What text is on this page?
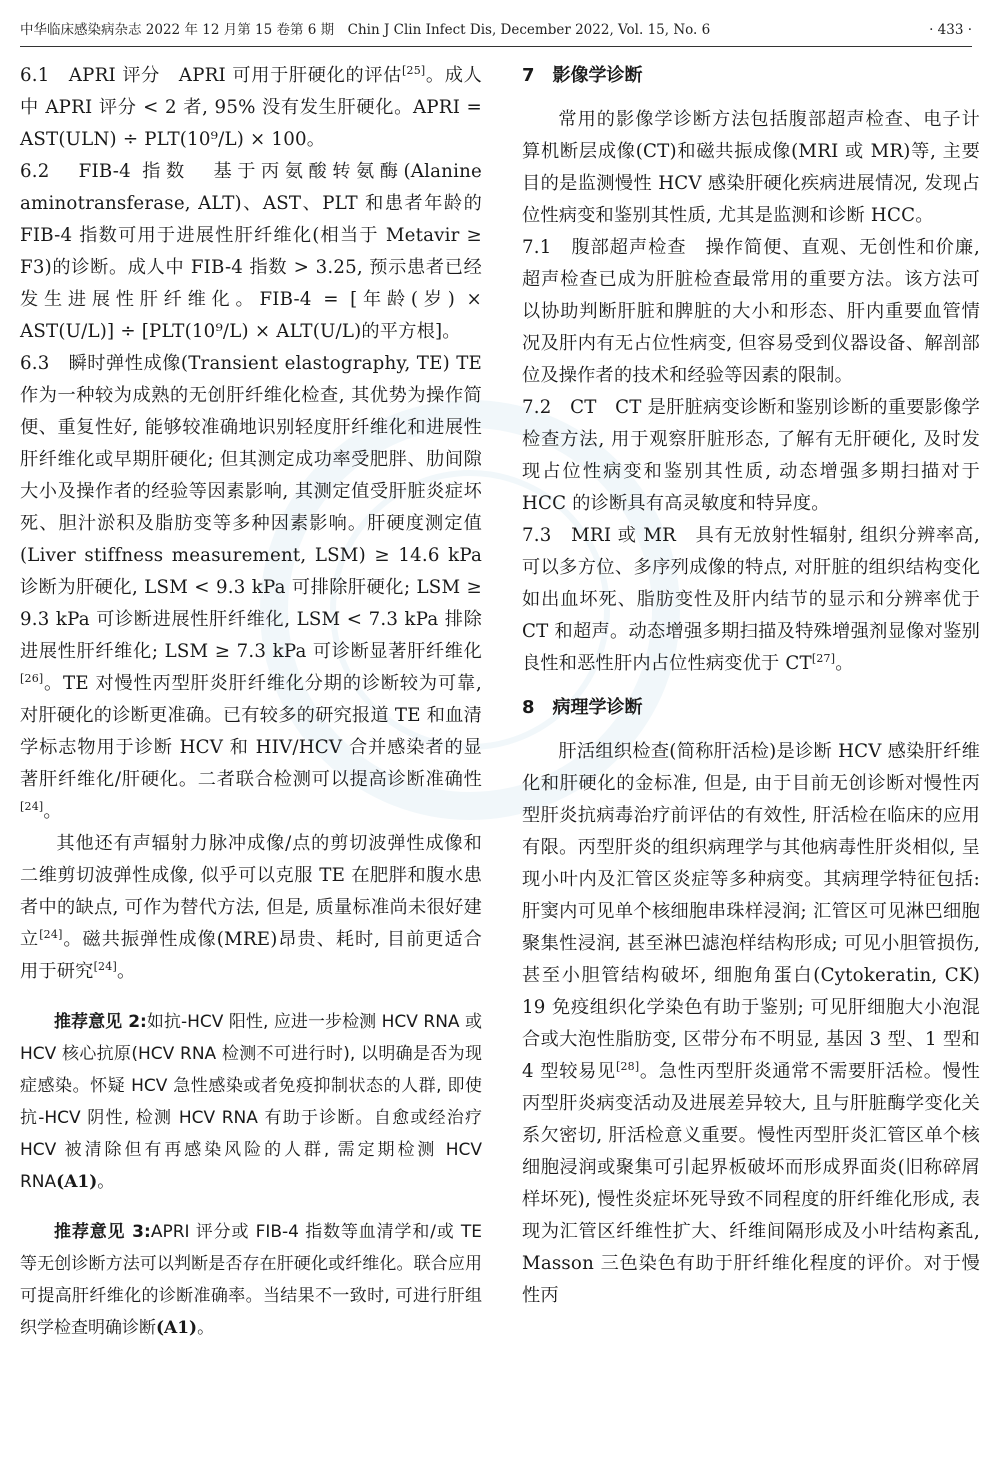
中华临床感染病杂志 2022 年 12 月第 15 卷第 6 期　Chin J Clin Infect Dis, December 2022, Vol. 15, No. 6	· 433 ·

6.1　APRI 评分　APRI 可用于肝硬化的评估[25]。成人中 APRI 评分 < 2 者, 95% 没有发生肝硬化。APRI = AST(ULN) ÷ PLT(10⁹/L) × 100。

6.2　FIB-4 指数　基于丙氨酸转氨酶(Alanine aminotransferase, ALT)、AST、PLT 和患者年龄的 FIB-4 指数可用于进展性肝纤维化(相当于 Metavir ≥ F3)的诊断。成人中 FIB-4 指数 > 3.25, 预示患者已经发生进展性肝纤维化。FIB-4 = [年龄(岁) × AST(U/L)] ÷ [PLT(10⁹/L) × ALT(U/L)的平方根]。

6.3　瞬时弹性成像(Transient elastography, TE) TE 作为一种较为成熟的无创肝纤维化检查, 其优势为操作简便、重复性好, 能够较准确地识别轻度肝纤维化和进展性肝纤维化或早期肝硬化; 但其测定成功率受肥胖、肋间隙大小及操作者的经验等因素影响, 其测定值受肝脏炎症坏死、胆汁淤积及脂肪变等多种因素影响。肝硬度测定值(Liver stiffness measurement, LSM) ≥ 14.6 kPa 诊断为肝硬化, LSM < 9.3 kPa 可排除肝硬化; LSM ≥ 9.3 kPa 可诊断进展性肝纤维化, LSM < 7.3 kPa 排除进展性肝纤维化; LSM ≥ 7.3 kPa 可诊断显著肝纤维化[26]。TE 对慢性丙型肝炎肝纤维化分期的诊断较为可靠, 对肝硬化的诊断更准确。已有较多的研究报道 TE 和血清学标志物用于诊断 HCV 和 HIV/HCV 合并感染者的显著肝纤维化/肝硬化。二者联合检测可以提高诊断准确性[24]。

其他还有声辐射力脉冲成像/点的剪切波弹性成像和二维剪切波弹性成像, 似乎可以克服 TE 在肥胖和腹水患者中的缺点, 可作为替代方法, 但是, 质量标准尚未很好建立[24]。磁共振弹性成像(MRE)昂贵、耗时, 目前更适合用于研究[24]。

推荐意见 2:如抗-HCV 阳性, 应进一步检测 HCV RNA 或 HCV 核心抗原(HCV RNA 检测不可进行时), 以明确是否为现症感染。怀疑 HCV 急性感染或者免疫抑制状态的人群, 即使抗-HCV 阴性, 检测 HCV RNA 有助于诊断。自愈或经治疗 HCV 被清除但有再感染风险的人群, 需定期检测 HCV RNA(A1)。

推荐意见 3:APRI 评分或 FIB-4 指数等血清学和/或 TE 等无创诊断方法可以判断是否存在肝硬化或纤维化。联合应用可提高肝纤维化的诊断准确率。当结果不一致时, 可进行肝组织学检查明确诊断(A1)。

7　影像学诊断

常用的影像学诊断方法包括腹部超声检查、电子计算机断层成像(CT)和磁共振成像(MRI 或 MR)等, 主要目的是监测慢性 HCV 感染肝硬化疾病进展情况, 发现占位性病变和鉴别其性质, 尤其是监测和诊断 HCC。

7.1　腹部超声检查　操作简便、直观、无创性和价廉, 超声检查已成为肝脏检查最常用的重要方法。该方法可以协助判断肝脏和脾脏的大小和形态、肝内重要血管情况及肝内有无占位性病变, 但容易受到仪器设备、解剖部位及操作者的技术和经验等因素的限制。

7.2　CT　CT 是肝脏病变诊断和鉴别诊断的重要影像学检查方法, 用于观察肝脏形态, 了解有无肝硬化, 及时发现占位性病变和鉴别其性质, 动态增强多期扫描对于 HCC 的诊断具有高灵敏度和特异度。

7.3　MRI 或 MR　具有无放射性辐射, 组织分辨率高, 可以多方位、多序列成像的特点, 对肝脏的组织结构变化如出血坏死、脂肪变性及肝内结节的显示和分辨率优于 CT 和超声。动态增强多期扫描及特殊增强剂显像对鉴别良性和恶性肝内占位性病变优于 CT[27]。

8　病理学诊断

肝活组织检查(简称肝活检)是诊断 HCV 感染肝纤维化和肝硬化的金标准, 但是, 由于目前无创诊断对慢性丙型肝炎抗病毒治疗前评估的有效性, 肝活检在临床的应用有限。丙型肝炎的组织病理学与其他病毒性肝炎相似, 呈现小叶内及汇管区炎症等多种病变。其病理学特征包括: 肝窦内可见单个核细胞串珠样浸润; 汇管区可见淋巴细胞聚集性浸润, 甚至淋巴滤泡样结构形成; 可见小胆管损伤, 甚至小胆管结构破坏, 细胞角蛋白(Cytokeratin, CK) 19 免疫组织化学染色有助于鉴别; 可见肝细胞大小泡混合或大泡性脂肪变, 区带分布不明显, 基因 3 型、1 型和 4 型较易见[28]。急性丙型肝炎通常不需要肝活检。慢性丙型肝炎病变活动及进展差异较大, 且与肝脏酶学变化关系欠密切, 肝活检意义重要。慢性丙型肝炎汇管区单个核细胞浸润或聚集可引起界板破坏而形成界面炎(旧称碎屑样坏死), 慢性炎症坏死导致不同程度的肝纤维化形成, 表现为汇管区纤维性扩大、纤维间隔形成及小叶结构紊乱, Masson 三色染色有助于肝纤维化程度的评价。对于慢性丙
